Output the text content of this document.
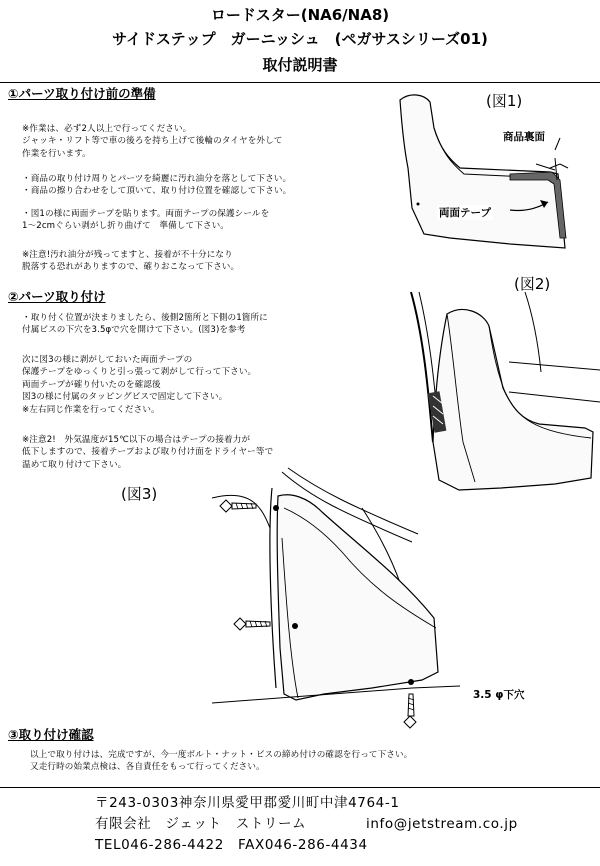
ロードスター(NA6/NA8)
サイドステップ　ガーニッシュ　(ペガサスシリーズ01)
取付説明書
①パーツ取り付け前の準備
※作業は、必ず2人以上で行ってください。
ジャッキ・リフト等で車の後ろを持ち上げて後輪のタイヤを外して
作業を行います。
・商品の取り付け周りとパーツを綺麗に汚れ油分を落として下さい。
・商品の擦り合わせをして頂いて、取り付け位置を確認して下さい。
・図1の様に両面テープを貼ります。両面テープの保護シールを
1〜2cmぐらい剥がし折り曲げて　準備して下さい。
※注意!汚れ油分が残ってますと、接着が不十分になり
脱落する恐れがありますので、確りおこなって下さい。
(図1)
商品裏面
両面テープ
②パーツ取り付け
・取り付く位置が決まりましたら、後側2箇所と下側の1箇所に
付属ビスの下穴を3.5φで穴を開けて下さい。(図3)を参考
次に図3の様に剥がしておいた両面テープの
保護テープをゆっくりと引っ張って剥がして行って下さい。
両面テープが確り付いたのを確認後
図3の様に付属のタッピングビスで固定して下さい。
※左右同じ作業を行ってください。
※注意2!　外気温度が15℃以下の場合はテープの接着力が
低下しますので、接着テープおよび取り付け面をドライヤー等で
温めて取り付けて下さい。
(図2)
(図3)
3.5 φ下穴
③取り付け確認
以上で取り付けは、完成ですが、今一度ボルト・ナット・ビスの締め付けの確認を行って下さい。
又走行時の始業点検は、各自責任をもって行ってください。
〒243-0303神奈川県愛甲郡愛川町中津4764-1
有限会社　ジェット　ストリーム	info@jetstream.co.jp
TEL046-286-4422　FAX046-286-4434
